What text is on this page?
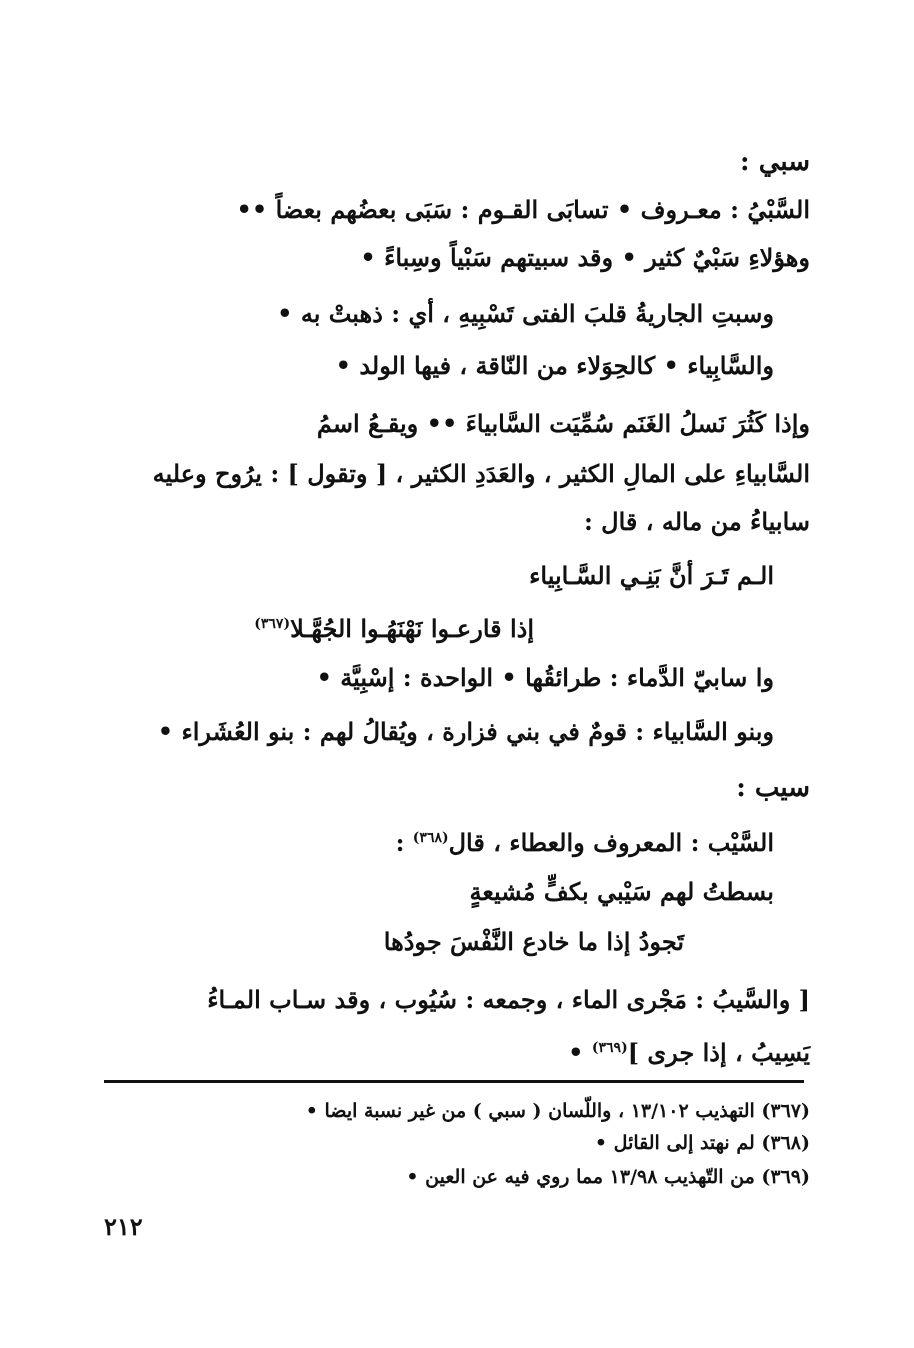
سبي :
السَّبْيُ : معـروف • تسابَى القـوم : سَبَى بعضُهم بعضاً ••
وهؤلاءِ سَبْيٌ كثير • وقد سبيتهم سَبْياً وسِباءً •
وسبتِ الجاريةُ قلبَ الفتى تَسْبِيهِ ، أي : ذهبتْ به •
والسَّابِياء • كالحِوَلاء من النّاقة ، فيها الولد •
وإذا كَثُرَ نَسلُ الغَنَم سُمِّيَت السَّابياءَ •• ويقـعُ اسمُ
السَّابياءِ على المالِ الكثير ، والعَدَدِ الكثير ، [ وتقول ] : يرُوح وعليه
سابياءُ من ماله ، قال :
الـم تَـرَ أنَّ بَنِـي السَّـابِياء
إذا قارعـوا نَهْنَهُـوا الجُهَّـلا$^{(٣٦٧)}$
وا سابيّ الدَّماء : طرائقُها • الواحدة : إسْبِيَّة •
وبنو السَّابياء : قومٌ في بني فزارة ، ويُقالُ لهم : بنو العُشَراء •
سيب :
السَّيْب : المعروف والعطاء ، قال$^{(٣٦٨)}$ :
بسطتُ لهم سَيْبي بكفٍّ مُشيعةٍ
تَجودُ إذا ما خادع النَّفْسَ جودُها
[ والسَّيبُ : مَجْرى الماء ، وجمعه : سُيُوب ، وقد سـاب المـاءُ
يَسِيبُ ، إذا جرى ]$^{(٣٦٩)}$ •
(٣٦٧) التهذيب ١٣/١٠٢ ، واللّسان ( سبي ) من غير نسبة ايضا •
(٣٦٨) لم نهتد إلى القائل •
(٣٦٩) من التّهذيب ١٣/٩٨ مما روي فيه عن العين •
٢١٢
